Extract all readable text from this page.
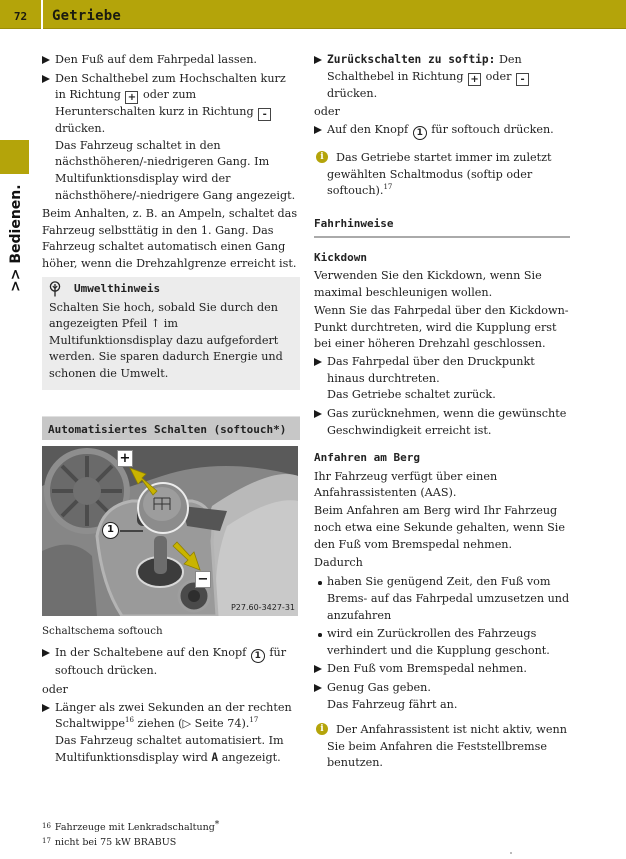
72	Getriebe
>> Bedienen.
Den Fuß auf dem Fahrpedal lassen.
Den Schalthebel zum Hochschalten kurz in Richtung + oder zum Herunterschalten kurz in Richtung - drücken.
Das Fahrzeug schaltet in den nächsthöheren/-niedrigeren Gang. Im Multifunktionsdisplay wird der nächsthöhere/-niedrigere Gang angezeigt.

Beim Anhalten, z. B. an Ampeln, schaltet das Fahrzeug selbsttätig in den 1. Gang. Das Fahrzeug schaltet automatisch einen Gang höher, wenn die Drehzahlgrenze erreicht ist.

Umwelthinweis
Schalten Sie hoch, sobald Sie durch den angezeigten Pfeil ↑ im Multifunktionsdisplay dazu aufgefordert werden. Sie sparen dadurch Energie und schonen die Umwelt.
Automatisiertes Schalten (softouch*)
+
−
1
P27.60-3427-31
Schaltschema softouch
In der Schaltebene auf den Knopf 1 für softouch drücken.

oder

Länger als zwei Sekunden an der rechten Schaltwippe$^{16}$ ziehen (▷ Seite 74).$^{17}$
Das Fahrzeug schaltet automatisiert. Im Multifunktionsdisplay wird A angezeigt.
Zurückschalten zu softip: Den Schalthebel in Richtung + oder - drücken.

oder

Auf den Knopf 1 für softouch drücken.
i	Das Getriebe startet immer im zuletzt gewählten Schaltmodus (softip oder softouch).$^{17}$
Fahrhinweise
Kickdown

Verwenden Sie den Kickdown, wenn Sie maximal beschleunigen wollen.

Wenn Sie das Fahrpedal über den Kickdown-Punkt durchtreten, wird die Kupplung erst bei einer höheren Drehzahl geschlossen.

Das Fahrpedal über den Druckpunkt hinaus durchtreten.
Das Getriebe schaltet zurück.
Gas zurücknehmen, wenn die gewünschte Geschwindigkeit erreicht ist.
Anfahren am Berg

Ihr Fahrzeug verfügt über einen Anfahrassistenten (AAS).

Beim Anfahren am Berg wird Ihr Fahrzeug noch etwa eine Sekunde gehalten, wenn Sie den Fuß vom Bremspedal nehmen.

Dadurch

haben Sie genügend Zeit, den Fuß vom Brems- auf das Fahrpedal umzusetzen und anzufahren
wird ein Zurückrollen des Fahrzeugs verhindert und die Kupplung geschont.
Den Fuß vom Bremspedal nehmen.
Genug Gas geben.
Das Fahrzeug fährt an.
i	Der Anfahrassistent ist nicht aktiv, wenn Sie beim Anfahren die Feststellbremse benutzen.
$^{16}$ Fahrzeuge mit Lenkradschaltung*
$^{17}$ nicht bei 75 kW BRABUS
